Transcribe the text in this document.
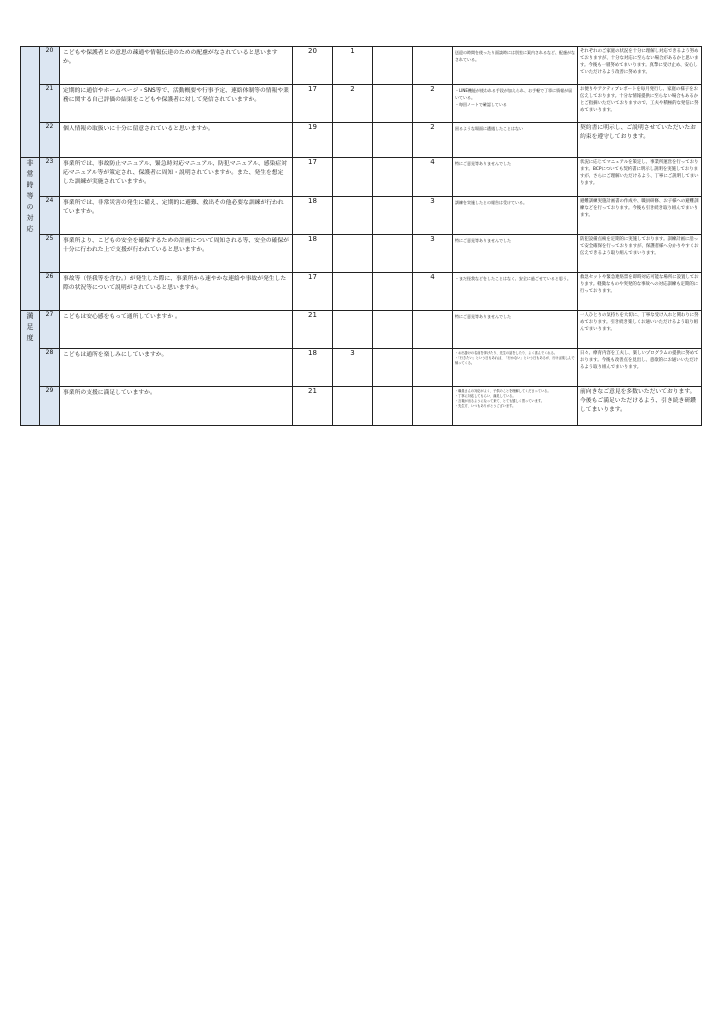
	20	こどもや保護者との意思の疎通や情報伝達のための配慮がなされていると思いますか。	20	1			送迎の時間を使ったり面談時には別室に案内されるなど、配慮がなされている。	それぞれのご家庭の状況を十分に理解し対応できるよう努めておりますが、十分な対応に至らない場合があるかと思います。今後も一層努めてまいります。真摯に受け止め、安心していただけるよう改善に努めます。
	21	定期的に通信やホームページ・SNS等で、活動概要や行事予定、連絡体制等の情報や業務に関する自己評価の結果をこどもや保護者に対して発信されていますか。	17	2		2	・LINE機能が使われる手段が加えられ、お手軽で丁寧に情報が届いている。
・毎回ノートで確認している	お便りやアクティブレポートを毎月発行し、家庭の様子をお伝えしております。十分な情報提供に至らない場合もあるかとご指摘いただいておりますので、工夫や積極的な発信に努めてまいります。
	22	個人情報の取扱いに十分に留意されていると思いますか。	19			2	困るような場面に遭遇したことはない	契約書に明示し、ご説明させていただいたお約束を遵守しております。
非常時等の対応	23	事業所では、事故防止マニュアル、緊急時対応マニュアル、防犯マニュアル、感染症対応マニュアル等が策定され、保護者に周知・説明されていますか。また、発生を想定した訓練が実施されていますか。	17			4	特にご意見等ありませんでした	状況に応じてマニュアルを策定し、事業所運営を行っております。BCPについても契約書に明示し説明を実施しておりますが、さらにご理解いただけるよう、丁寧にご説明してまいります。
	24	事業所では、非常災害の発生に備え、定期的に避難、救出その他必要な訓練が行われていますか。	18			3	訓練を実施したとの報告は受けている。	避難訓練実施計画書の作成や、職員研修、お子様への避難訓練などを行っております。今後も引き続き取り組んでまいります。
	25	事業所より、こどもの安全を確保するための計画について周知される等、安全の確保が十分に行われた上で支援が行われていると思いますか。	18			3	特にご意見等ありませんでした	防犯設備点検を定期的に実施しております。訓練計画に沿って安全確保を行っておりますが、保護者様へ分かりやすくお伝えできるよう取り組んでまいります。
	26	事故等（怪我等を含む。）が発生した際に、事業所から速やかな連絡や事故が発生した際の状況等について説明がされていると思いますか。	17			4	・まだ怪我などをしたことはなく、安全に過ごせていると思う。	救急セットや緊急連絡票を即時対応可能な場所に設置しております。軽微なものや突発的な事故への対応訓練も定期的に行っております。
満足度	27	こどもは安心感をもって通所していますか 。	21				特にご意見等ありませんでした	一人ひとりの気持ちを大切に、丁寧な受け入れと関わりに努めております。引き続き楽しくお通いいただけるよう取り組んでまいります。
	28	こどもは通所を楽しみにしていますか。	18	3			・お出掛けの名前を挙げたり、先生の話をしたり、よく喜んでくれる。
・「行きたい」という日もあれば、「行かない」という日もあるが、行けば楽しんで帰ってくる。	日々、療育内容を工夫し、楽しいプログラムの提供に努めております。今後も改善点を見出し、意欲的にお通いいただけるよう取り組んでまいります。
	29	事業所の支援に満足していますか。	21				・職員さんの対応がよく、子供のことを理解してくださっている。
・丁寧に対応してもらい、満足している。
・言葉が出るようになって来て、とても嬉しく思っています。
・先生方、いつもありがとうございます。	前向きなご意見を多数いただいております。今後もご満足いただけるよう、引き続き研鑽してまいります。
